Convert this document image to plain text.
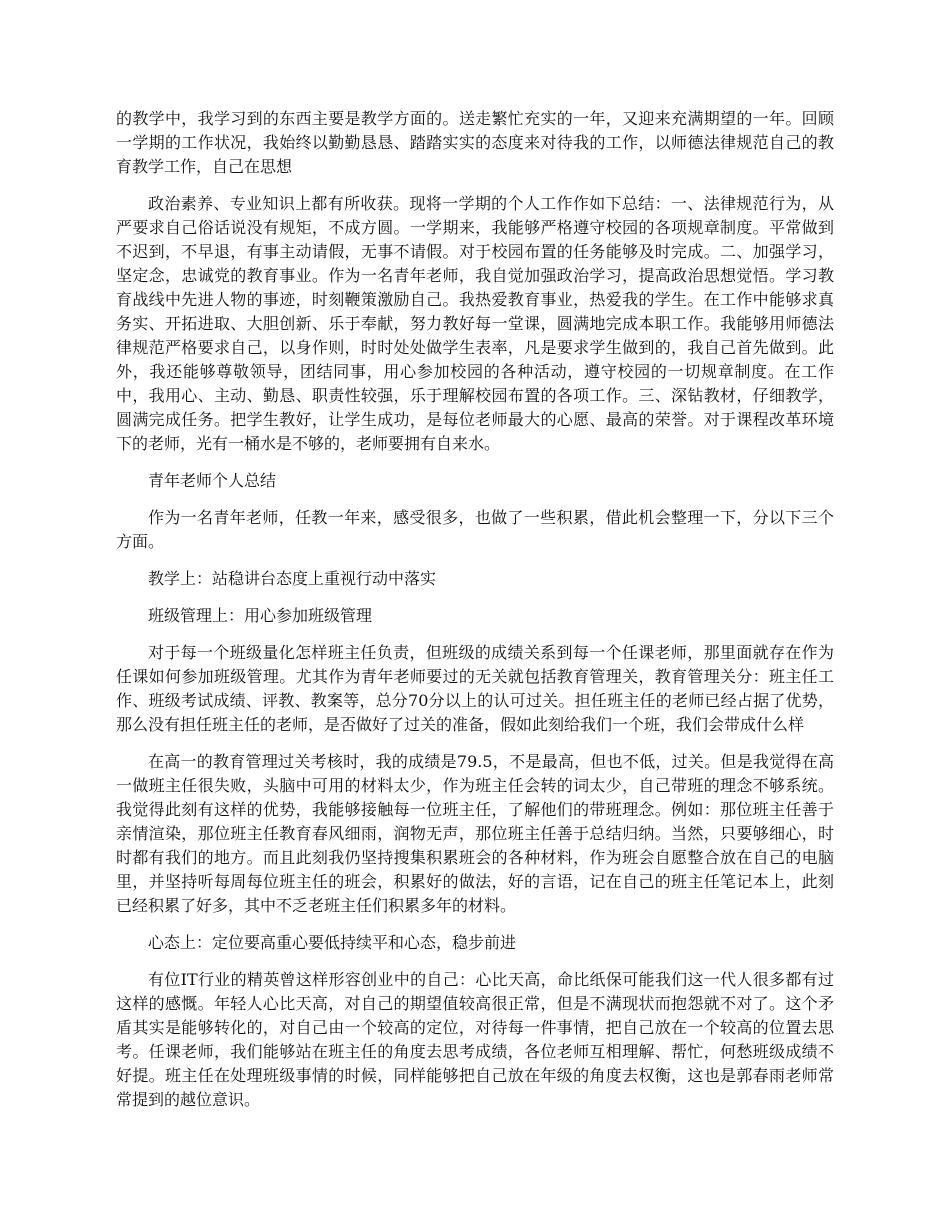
的教学中，我学习到的东西主要是教学方面的。送走繁忙充实的一年，又迎来充满期望的一年。回顾一学期的工作状况，我始终以勤勤恳恳、踏踏实实的态度来对待我的工作，以师德法律规范自己的教育教学工作，自己在思想

政治素养、专业知识上都有所收获。现将一学期的个人工作作如下总结：一、法律规范行为，从严要求自己俗话说没有规矩，不成方圆。一学期来，我能够严格遵守校园的各项规章制度。平常做到不迟到，不早退，有事主动请假，无事不请假。对于校园布置的任务能够及时完成。二、加强学习，坚定念，忠诚党的教育事业。作为一名青年老师，我自觉加强政治学习，提高政治思想觉悟。学习教育战线中先进人物的事迹，时刻鞭策激励自己。我热爱教育事业，热爱我的学生。在工作中能够求真务实、开拓进取、大胆创新、乐于奉献，努力教好每一堂课，圆满地完成本职工作。我能够用师德法律规范严格要求自己，以身作则，时时处处做学生表率，凡是要求学生做到的，我自己首先做到。此外，我还能够尊敬领导，团结同事，用心参加校园的各种活动，遵守校园的一切规章制度。在工作中，我用心、主动、勤恳、职责性较强，乐于理解校园布置的各项工作。三、深钻教材，仔细教学，圆满完成任务。把学生教好，让学生成功，是每位老师最大的心愿、最高的荣誉。对于课程改革环境下的老师，光有一桶水是不够的，老师要拥有自来水。

青年老师个人总结

作为一名青年老师，任教一年来，感受很多，也做了一些积累，借此机会整理一下，分以下三个方面。

教学上：站稳讲台态度上重视行动中落实

班级管理上：用心参加班级管理

对于每一个班级量化怎样班主任负责，但班级的成绩关系到每一个任课老师，那里面就存在作为任课如何参加班级管理。尤其作为青年老师要过的无关就包括教育管理关，教育管理关分：班主任工作、班级考试成绩、评教、教案等，总分70分以上的认可过关。担任班主任的老师已经占据了优势，那么没有担任班主任的老师，是否做好了过关的准备，假如此刻给我们一个班，我们会带成什么样

在高一的教育管理过关考核时，我的成绩是79.5，不是最高，但也不低，过关。但是我觉得在高一做班主任很失败，头脑中可用的材料太少，作为班主任会转的词太少，自己带班的理念不够系统。我觉得此刻有这样的优势，我能够接触每一位班主任，了解他们的带班理念。例如：那位班主任善于亲情渲染，那位班主任教育春风细雨，润物无声，那位班主任善于总结归纳。当然，只要够细心，时时都有我们的地方。而且此刻我仍坚持搜集积累班会的各种材料，作为班会自愿整合放在自己的电脑里，并坚持听每周每位班主任的班会，积累好的做法，好的言语，记在自己的班主任笔记本上，此刻已经积累了好多，其中不乏老班主任们积累多年的材料。

心态上：定位要高重心要低持续平和心态，稳步前进

有位IT行业的精英曾这样形容创业中的自己：心比天高，命比纸保可能我们这一代人很多都有过这样的感慨。年轻人心比天高，对自己的期望值较高很正常，但是不满现状而抱怨就不对了。这个矛盾其实是能够转化的，对自己由一个较高的定位，对待每一件事情，把自己放在一个较高的位置去思考。任课老师，我们能够站在班主任的角度去思考成绩，各位老师互相理解、帮忙，何愁班级成绩不好提。班主任在处理班级事情的时候，同样能够把自己放在年级的角度去权衡，这也是郭春雨老师常常提到的越位意识。
